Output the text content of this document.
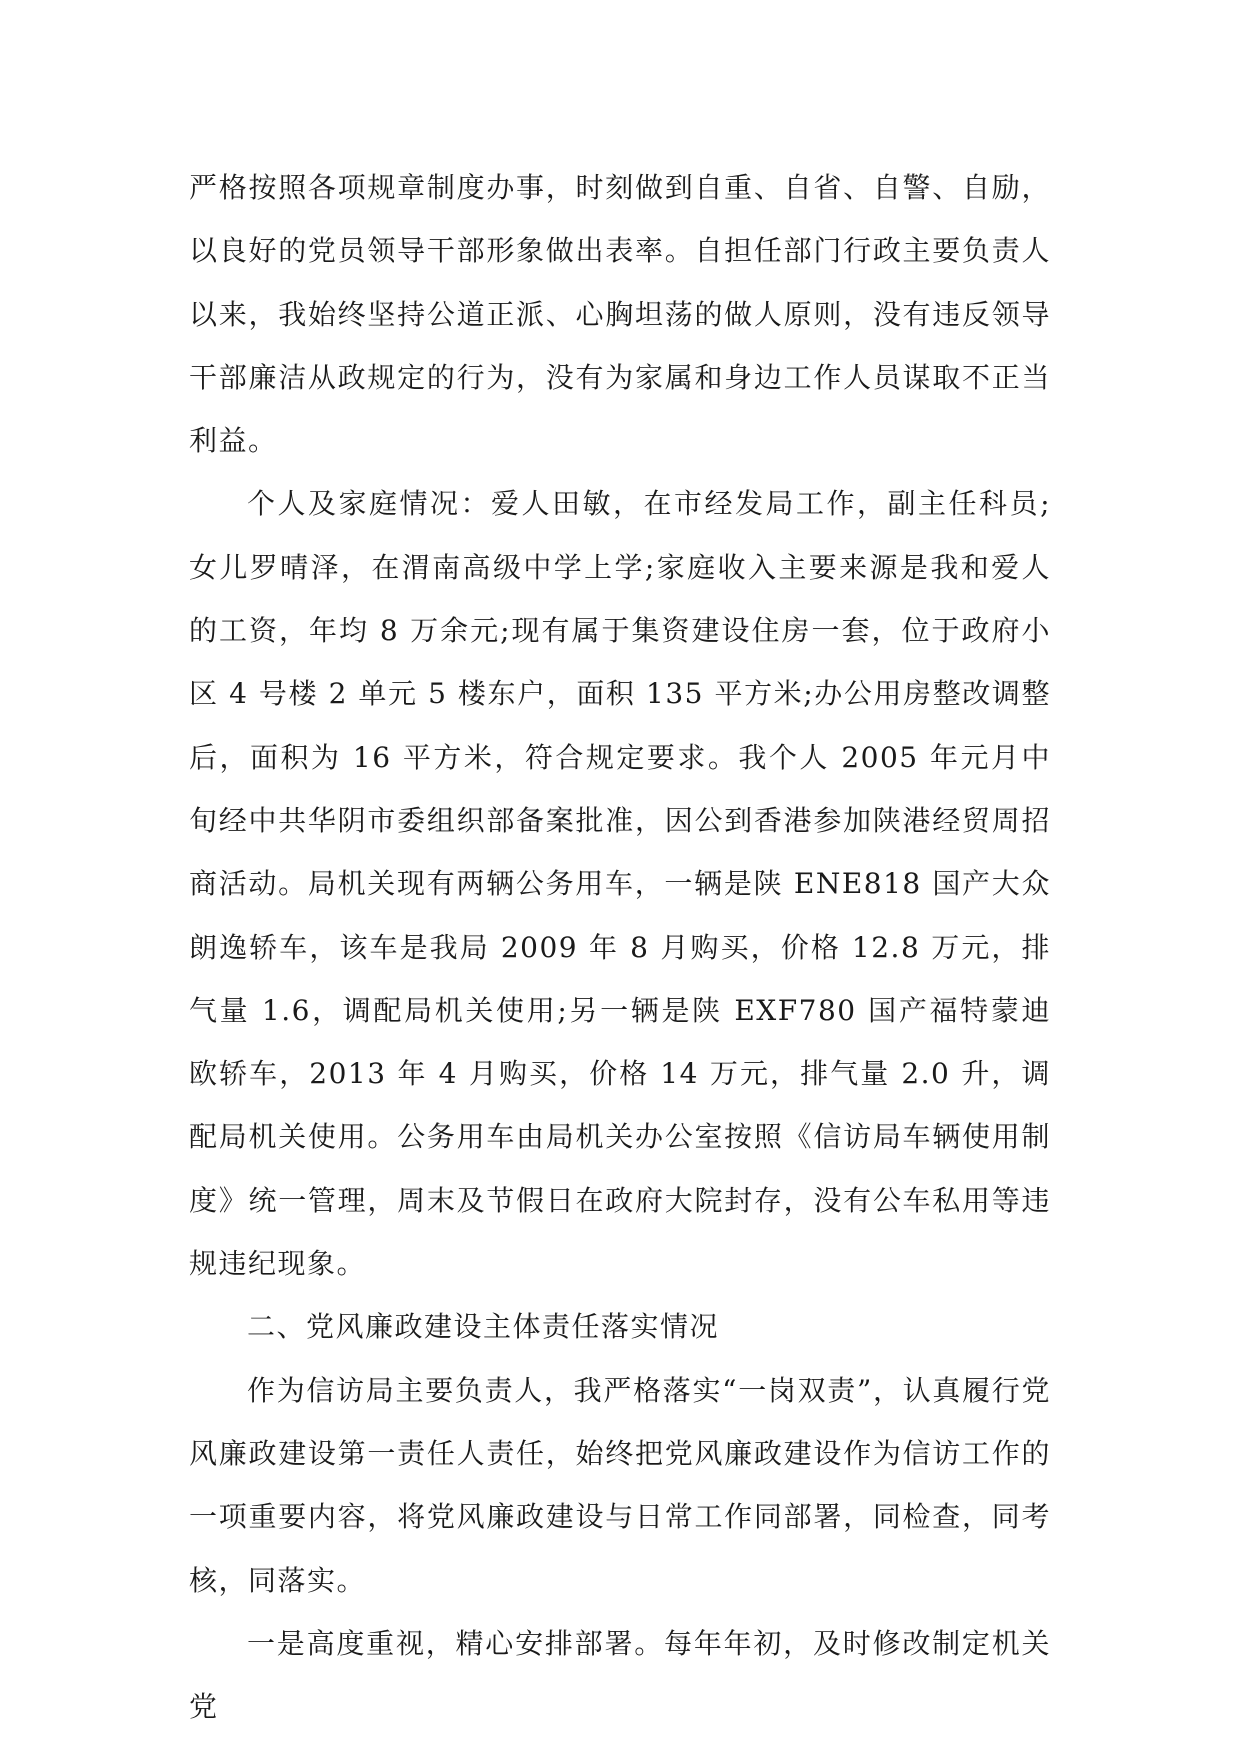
严格按照各项规章制度办事，时刻做到自重、自省、自警、自励，以良好的党员领导干部形象做出表率。自担任部门行政主要负责人以来，我始终坚持公道正派、心胸坦荡的做人原则，没有违反领导干部廉洁从政规定的行为，没有为家属和身边工作人员谋取不正当利益。

个人及家庭情况：爱人田敏，在市经发局工作，副主任科员;女儿罗晴泽，在渭南高级中学上学;家庭收入主要来源是我和爱人的工资，年均 8 万余元;现有属于集资建设住房一套，位于政府小区 4 号楼 2 单元 5 楼东户，面积 135 平方米;办公用房整改调整后，面积为 16 平方米，符合规定要求。我个人 2005 年元月中旬经中共华阴市委组织部备案批准，因公到香港参加陕港经贸周招商活动。局机关现有两辆公务用车，一辆是陕 ENE818 国产大众朗逸轿车，该车是我局 2009 年 8 月购买，价格 12.8 万元，排气量 1.6，调配局机关使用;另一辆是陕 EXF780 国产福特蒙迪欧轿车，2013 年 4 月购买，价格 14 万元，排气量 2.0 升，调配局机关使用。公务用车由局机关办公室按照《信访局车辆使用制度》统一管理，周末及节假日在政府大院封存，没有公车私用等违规违纪现象。

二、党风廉政建设主体责任落实情况

作为信访局主要负责人，我严格落实“一岗双责”，认真履行党风廉政建设第一责任人责任，始终把党风廉政建设作为信访工作的一项重要内容，将党风廉政建设与日常工作同部署，同检查，同考核，同落实。

一是高度重视，精心安排部署。每年年初，及时修改制定机关党
